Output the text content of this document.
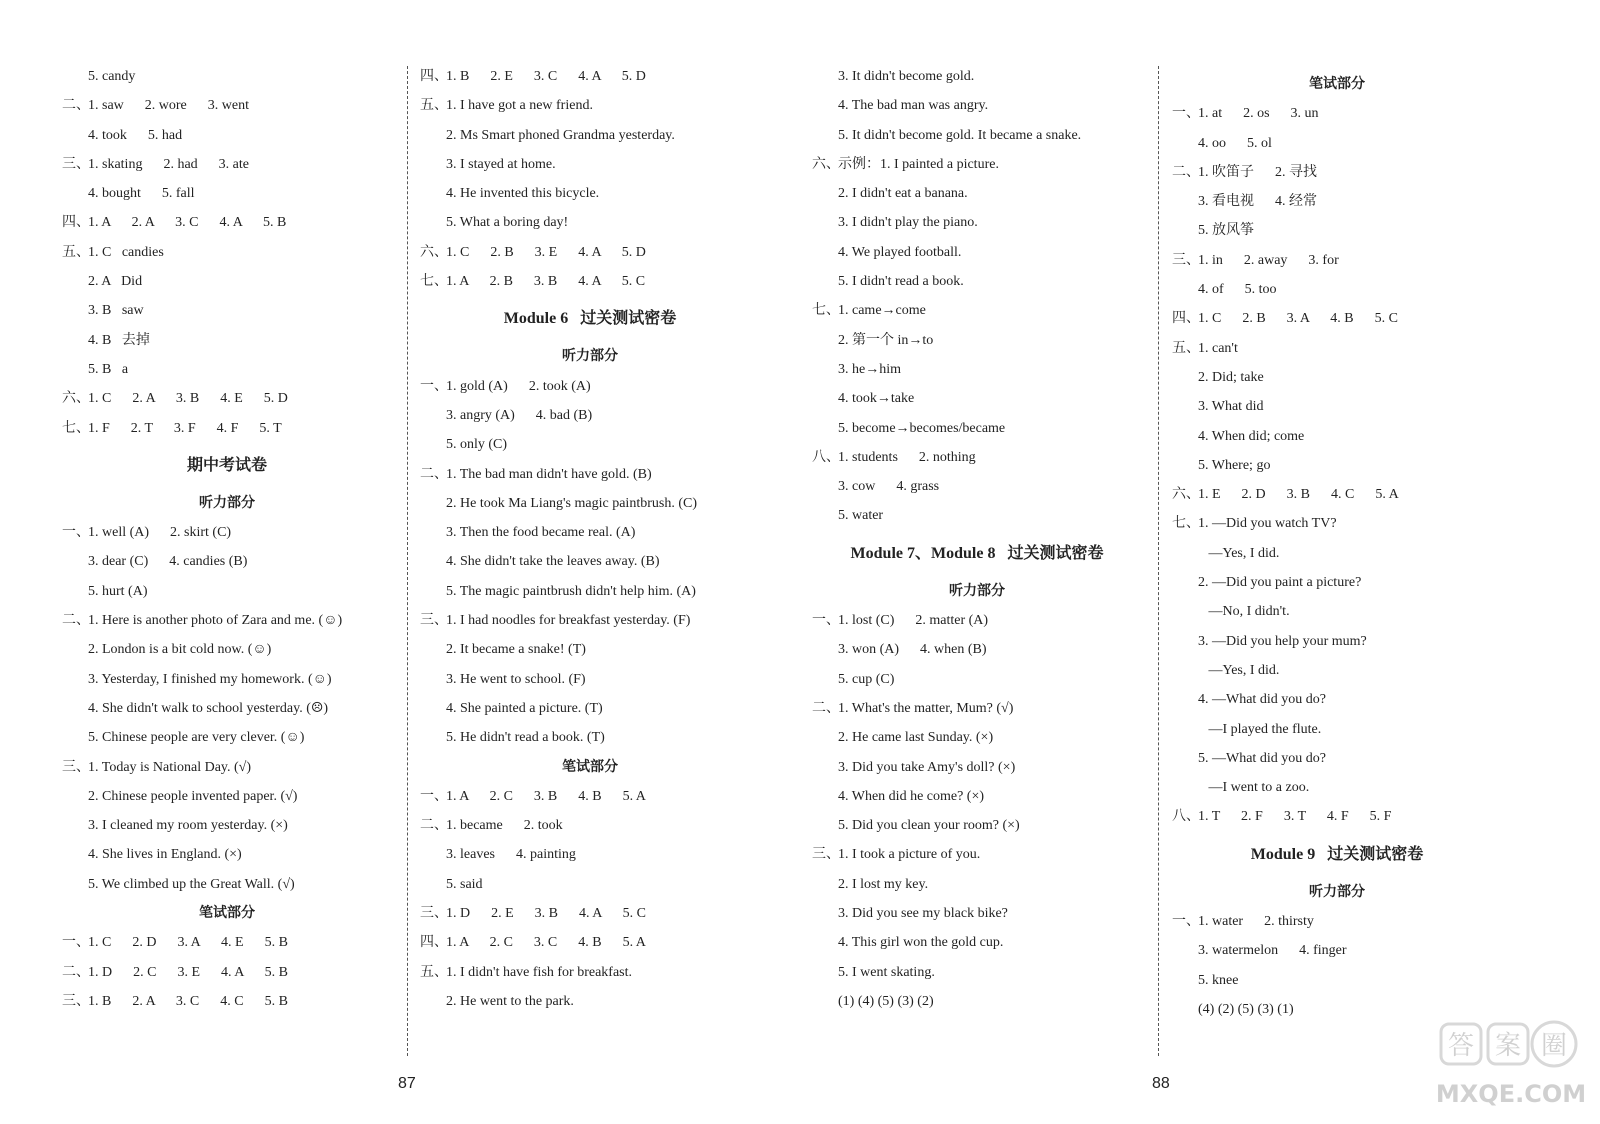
5. candy
二、1. saw      2. wore      3. went
4. took      5. had
三、1. skating      2. had      3. ate
4. bought      5. fall
四、1. A      2. A      3. C      4. A      5. B
五、1. C   candies
2. A   Did
3. B   saw
4. B   去掉
5. B   a
六、1. C      2. A      3. B      4. E      5. D
七、1. F      2. T      3. F      4. F      5. T
期中考试卷
听力部分
一、1. well (A)      2. skirt (C)
3. dear (C)      4. candies (B)
5. hurt (A)
二、1. Here is another photo of Zara and me. (☺)
2. London is a bit cold now. (☺)
3. Yesterday, I finished my homework. (☺)
4. She didn't walk to school yesterday. (☹)
5. Chinese people are very clever. (☺)
三、1. Today is National Day. (√)
2. Chinese people invented paper. (√)
3. I cleaned my room yesterday. (×)
4. She lives in England. (×)
5. We climbed up the Great Wall. (√)
笔试部分
一、1. C      2. D      3. A      4. E      5. B
二、1. D      2. C      3. E      4. A      5. B
三、1. B      2. A      3. C      4. C      5. B
四、1. B      2. E      3. C      4. A      5. D
五、1. I have got a new friend.
2. Ms Smart phoned Grandma yesterday.
3. I stayed at home.
4. He invented this bicycle.
5. What a boring day!
六、1. C      2. B      3. E      4. A      5. D
七、1. A      2. B      3. B      4. A      5. C
Module 6   过关测试密卷
听力部分
一、1. gold (A)      2. took (A)
3. angry (A)      4. bad (B)
5. only (C)
二、1. The bad man didn't have gold. (B)
2. He took Ma Liang's magic paintbrush. (C)
3. Then the food became real. (A)
4. She didn't take the leaves away. (B)
5. The magic paintbrush didn't help him. (A)
三、1. I had noodles for breakfast yesterday. (F)
2. It became a snake! (T)
3. He went to school. (F)
4. She painted a picture. (T)
5. He didn't read a book. (T)
笔试部分
一、1. A      2. C      3. B      4. B      5. A
二、1. became      2. took
3. leaves      4. painting
5. said
三、1. D      2. E      3. B      4. A      5. C
四、1. A      2. C      3. C      4. B      5. A
五、1. I didn't have fish for breakfast.
2. He went to the park.
3. It didn't become gold.
4. The bad man was angry.
5. It didn't become gold. It became a snake.
六、示例：1. I painted a picture.
2. I didn't eat a banana.
3. I didn't play the piano.
4. We played football.
5. I didn't read a book.
七、1. came→come
2. 第一个 in→to
3. he→him
4. took→take
5. become→becomes/became
八、1. students      2. nothing
3. cow      4. grass
5. water
Module 7、Module 8   过关测试密卷
听力部分
一、1. lost (C)      2. matter (A)
3. won (A)      4. when (B)
5. cup (C)
二、1. What's the matter, Mum? (√)
2. He came last Sunday. (×)
3. Did you take Amy's doll? (×)
4. When did he come? (×)
5. Did you clean your room? (×)
三、1. I took a picture of you.
2. I lost my key.
3. Did you see my black bike?
4. This girl won the gold cup.
5. I went skating.
(1) (4) (5) (3) (2)
笔试部分
一、1. at      2. os      3. un
4. oo      5. ol
二、1. 吹笛子      2. 寻找
3. 看电视      4. 经常
5. 放风筝
三、1. in      2. away      3. for
4. of      5. too
四、1. C      2. B      3. A      4. B      5. C
五、1. can't
2. Did; take
3. What did
4. When did; come
5. Where; go
六、1. E      2. D      3. B      4. C      5. A
七、1. —Did you watch TV?
—Yes, I did.
2. —Did you paint a picture?
—No, I didn't.
3. —Did you help your mum?
—Yes, I did.
4. —What did you do?
—I played the flute.
5. —What did you do?
—I went to a zoo.
八、1. T      2. F      3. T      4. F      5. F
Module 9   过关测试密卷
听力部分
一、1. water      2. thirsty
3. watermelon      4. finger
5. knee
(4) (2) (5) (3) (1)
87	88
答 案 圈
MXQE.COM
